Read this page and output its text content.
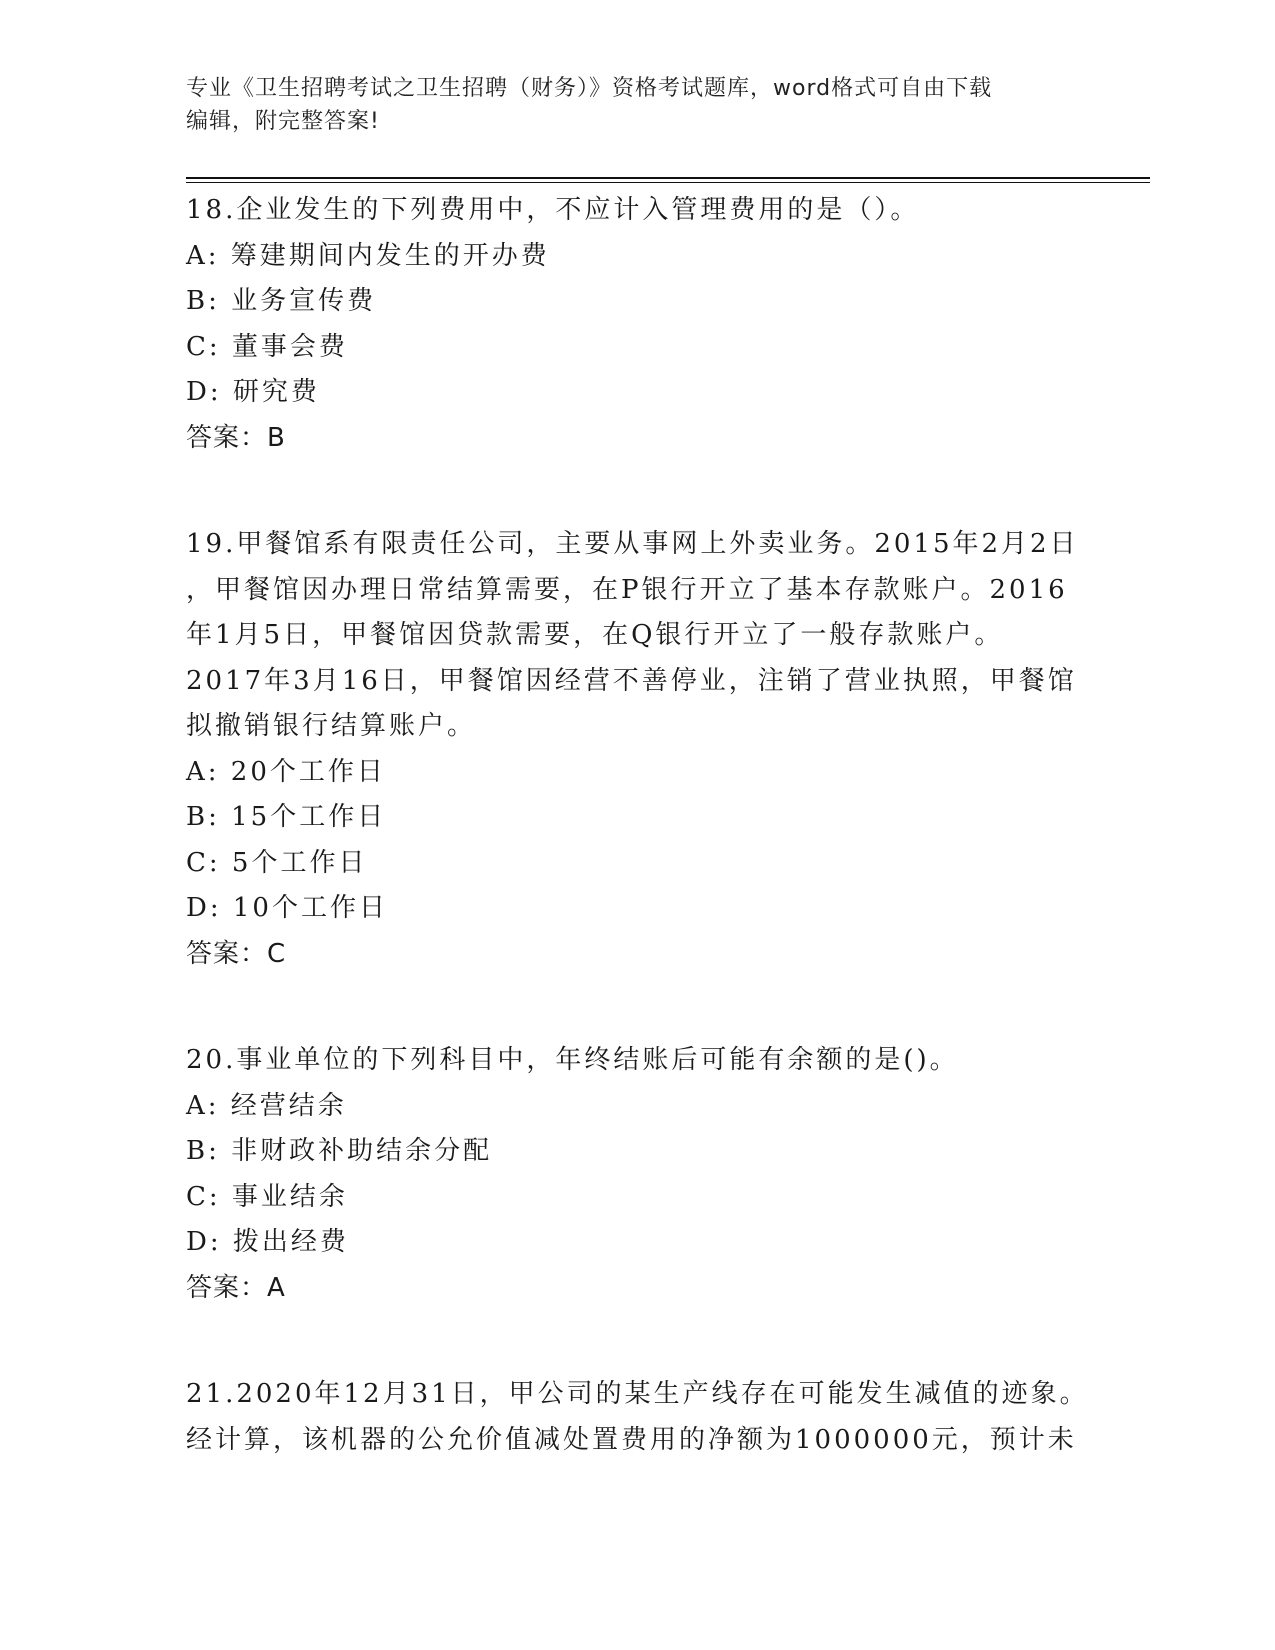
专业《卫生招聘考试之卫生招聘（财务）》资格考试题库，word格式可自由下载
编辑，附完整答案!
18.企业发生的下列费用中，不应计入管理费用的是（）。
A: 筹建期间内发生的开办费
B: 业务宣传费
C: 董事会费
D: 研究费
答案：B
19.甲餐馆系有限责任公司，主要从事网上外卖业务。2015年2月2日
，甲餐馆因办理日常结算需要，在P银行开立了基本存款账户。2016
年1月5日，甲餐馆因贷款需要，在Q银行开立了一般存款账户。
2017年3月16日，甲餐馆因经营不善停业，注销了营业执照，甲餐馆
拟撤销银行结算账户。
A: 20个工作日
B: 15个工作日
C: 5个工作日
D: 10个工作日
答案：C
20.事业单位的下列科目中，年终结账后可能有余额的是()。
A: 经营结余
B: 非财政补助结余分配
C: 事业结余
D: 拨出经费
答案：A
21.2020年12月31日，甲公司的某生产线存在可能发生减值的迹象。
经计算，该机器的公允价值减处置费用的净额为1000000元，预计未
